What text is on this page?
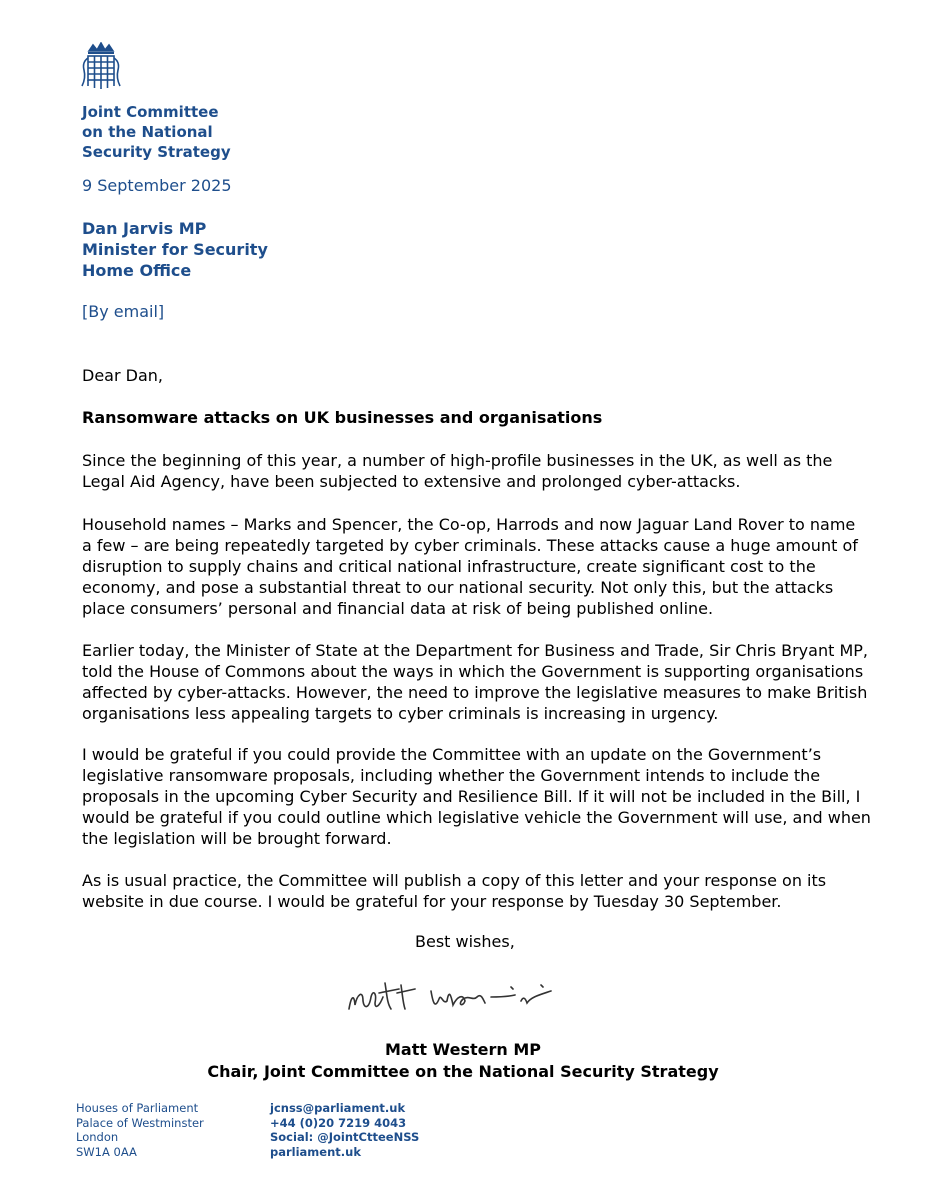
Joint Committee
on the National
Security Strategy
9 September 2025
Dan Jarvis MP
Minister for Security
Home Office
[By email]
Dear Dan,
Ransomware attacks on UK businesses and organisations
Since the beginning of this year, a number of high-profile businesses in the UK, as well as the
Legal Aid Agency, have been subjected to extensive and prolonged cyber-attacks.
Household names – Marks and Spencer, the Co-op, Harrods and now Jaguar Land Rover to name
a few – are being repeatedly targeted by cyber criminals. These attacks cause a huge amount of
disruption to supply chains and critical national infrastructure, create significant cost to the
economy, and pose a substantial threat to our national security. Not only this, but the attacks
place consumers’ personal and financial data at risk of being published online.
Earlier today, the Minister of State at the Department for Business and Trade, Sir Chris Bryant MP,
told the House of Commons about the ways in which the Government is supporting organisations
affected by cyber-attacks. However, the need to improve the legislative measures to make British
organisations less appealing targets to cyber criminals is increasing in urgency.
I would be grateful if you could provide the Committee with an update on the Government’s
legislative ransomware proposals, including whether the Government intends to include the
proposals in the upcoming Cyber Security and Resilience Bill. If it will not be included in the Bill, I
would be grateful if you could outline which legislative vehicle the Government will use, and when
the legislation will be brought forward.
As is usual practice, the Committee will publish a copy of this letter and your response on its
website in due course. I would be grateful for your response by Tuesday 30 September.
Best wishes,
Matt Western MP
Chair, Joint Committee on the National Security Strategy
Houses of Parliament
Palace of Westminster
London
SW1A 0AA
jcnss@parliament.uk
+44 (0)20 7219 4043
Social: @JointCtteeNSS
parliament.uk
